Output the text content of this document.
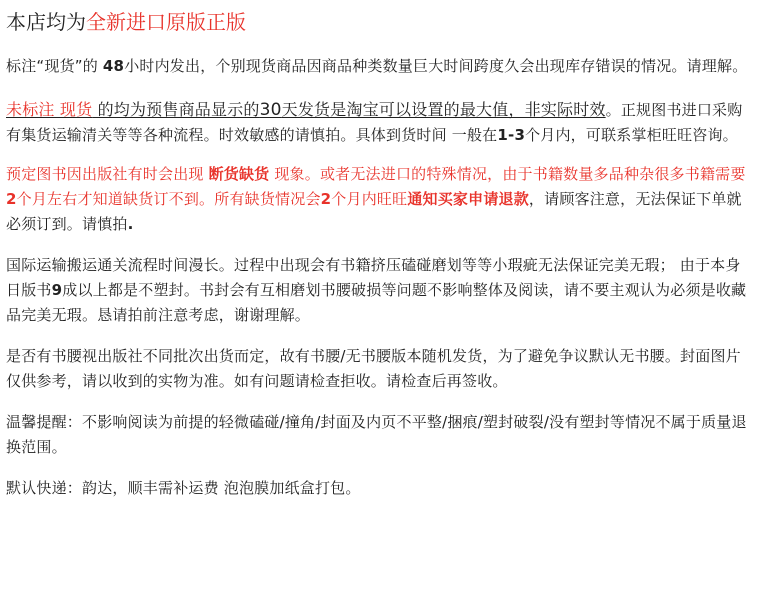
本店均为全新进口原版正版

标注“现货”的 48小时内发出，个别现货商品因商品种类数量巨大时间跨度久会出现库存错误的情况。请理解。

未标注 现货 的均为预售商品显示的30天发货是淘宝可以设置的最大值，非实际时效。正规图书进口采购有集货运输清关等等各种流程。时效敏感的请慎拍。具体到货时间 一般在1-3个月内，可联系掌柜旺旺咨询。

预定图书因出版社有时会出现 断货缺货 现象。或者无法进口的特殊情况，由于书籍数量多品种杂很多书籍需要2个月左右才知道缺货订不到。所有缺货情况会2个月内旺旺通知买家申请退款，请顾客注意，无法保证下单就必须订到。请慎拍.

国际运输搬运通关流程时间漫长。过程中出现会有书籍挤压磕碰磨划等等小瑕疵无法保证完美无瑕； 由于本身日版书9成以上都是不塑封。书封会有互相磨划书腰破损等问题不影响整体及阅读，请不要主观认为必须是收藏品完美无瑕。恳请拍前注意考虑，谢谢理解。

是否有书腰视出版社不同批次出货而定，故有书腰/无书腰版本随机发货，为了避免争议默认无书腰。封面图片仅供参考，请以收到的实物为准。如有问题请检查拒收。请检查后再签收。

温馨提醒：不影响阅读为前提的轻微磕碰/撞角/封面及内页不平整/捆痕/塑封破裂/没有塑封等情况不属于质量退换范围。

默认快递：韵达，顺丰需补运费 泡泡膜加纸盒打包。
